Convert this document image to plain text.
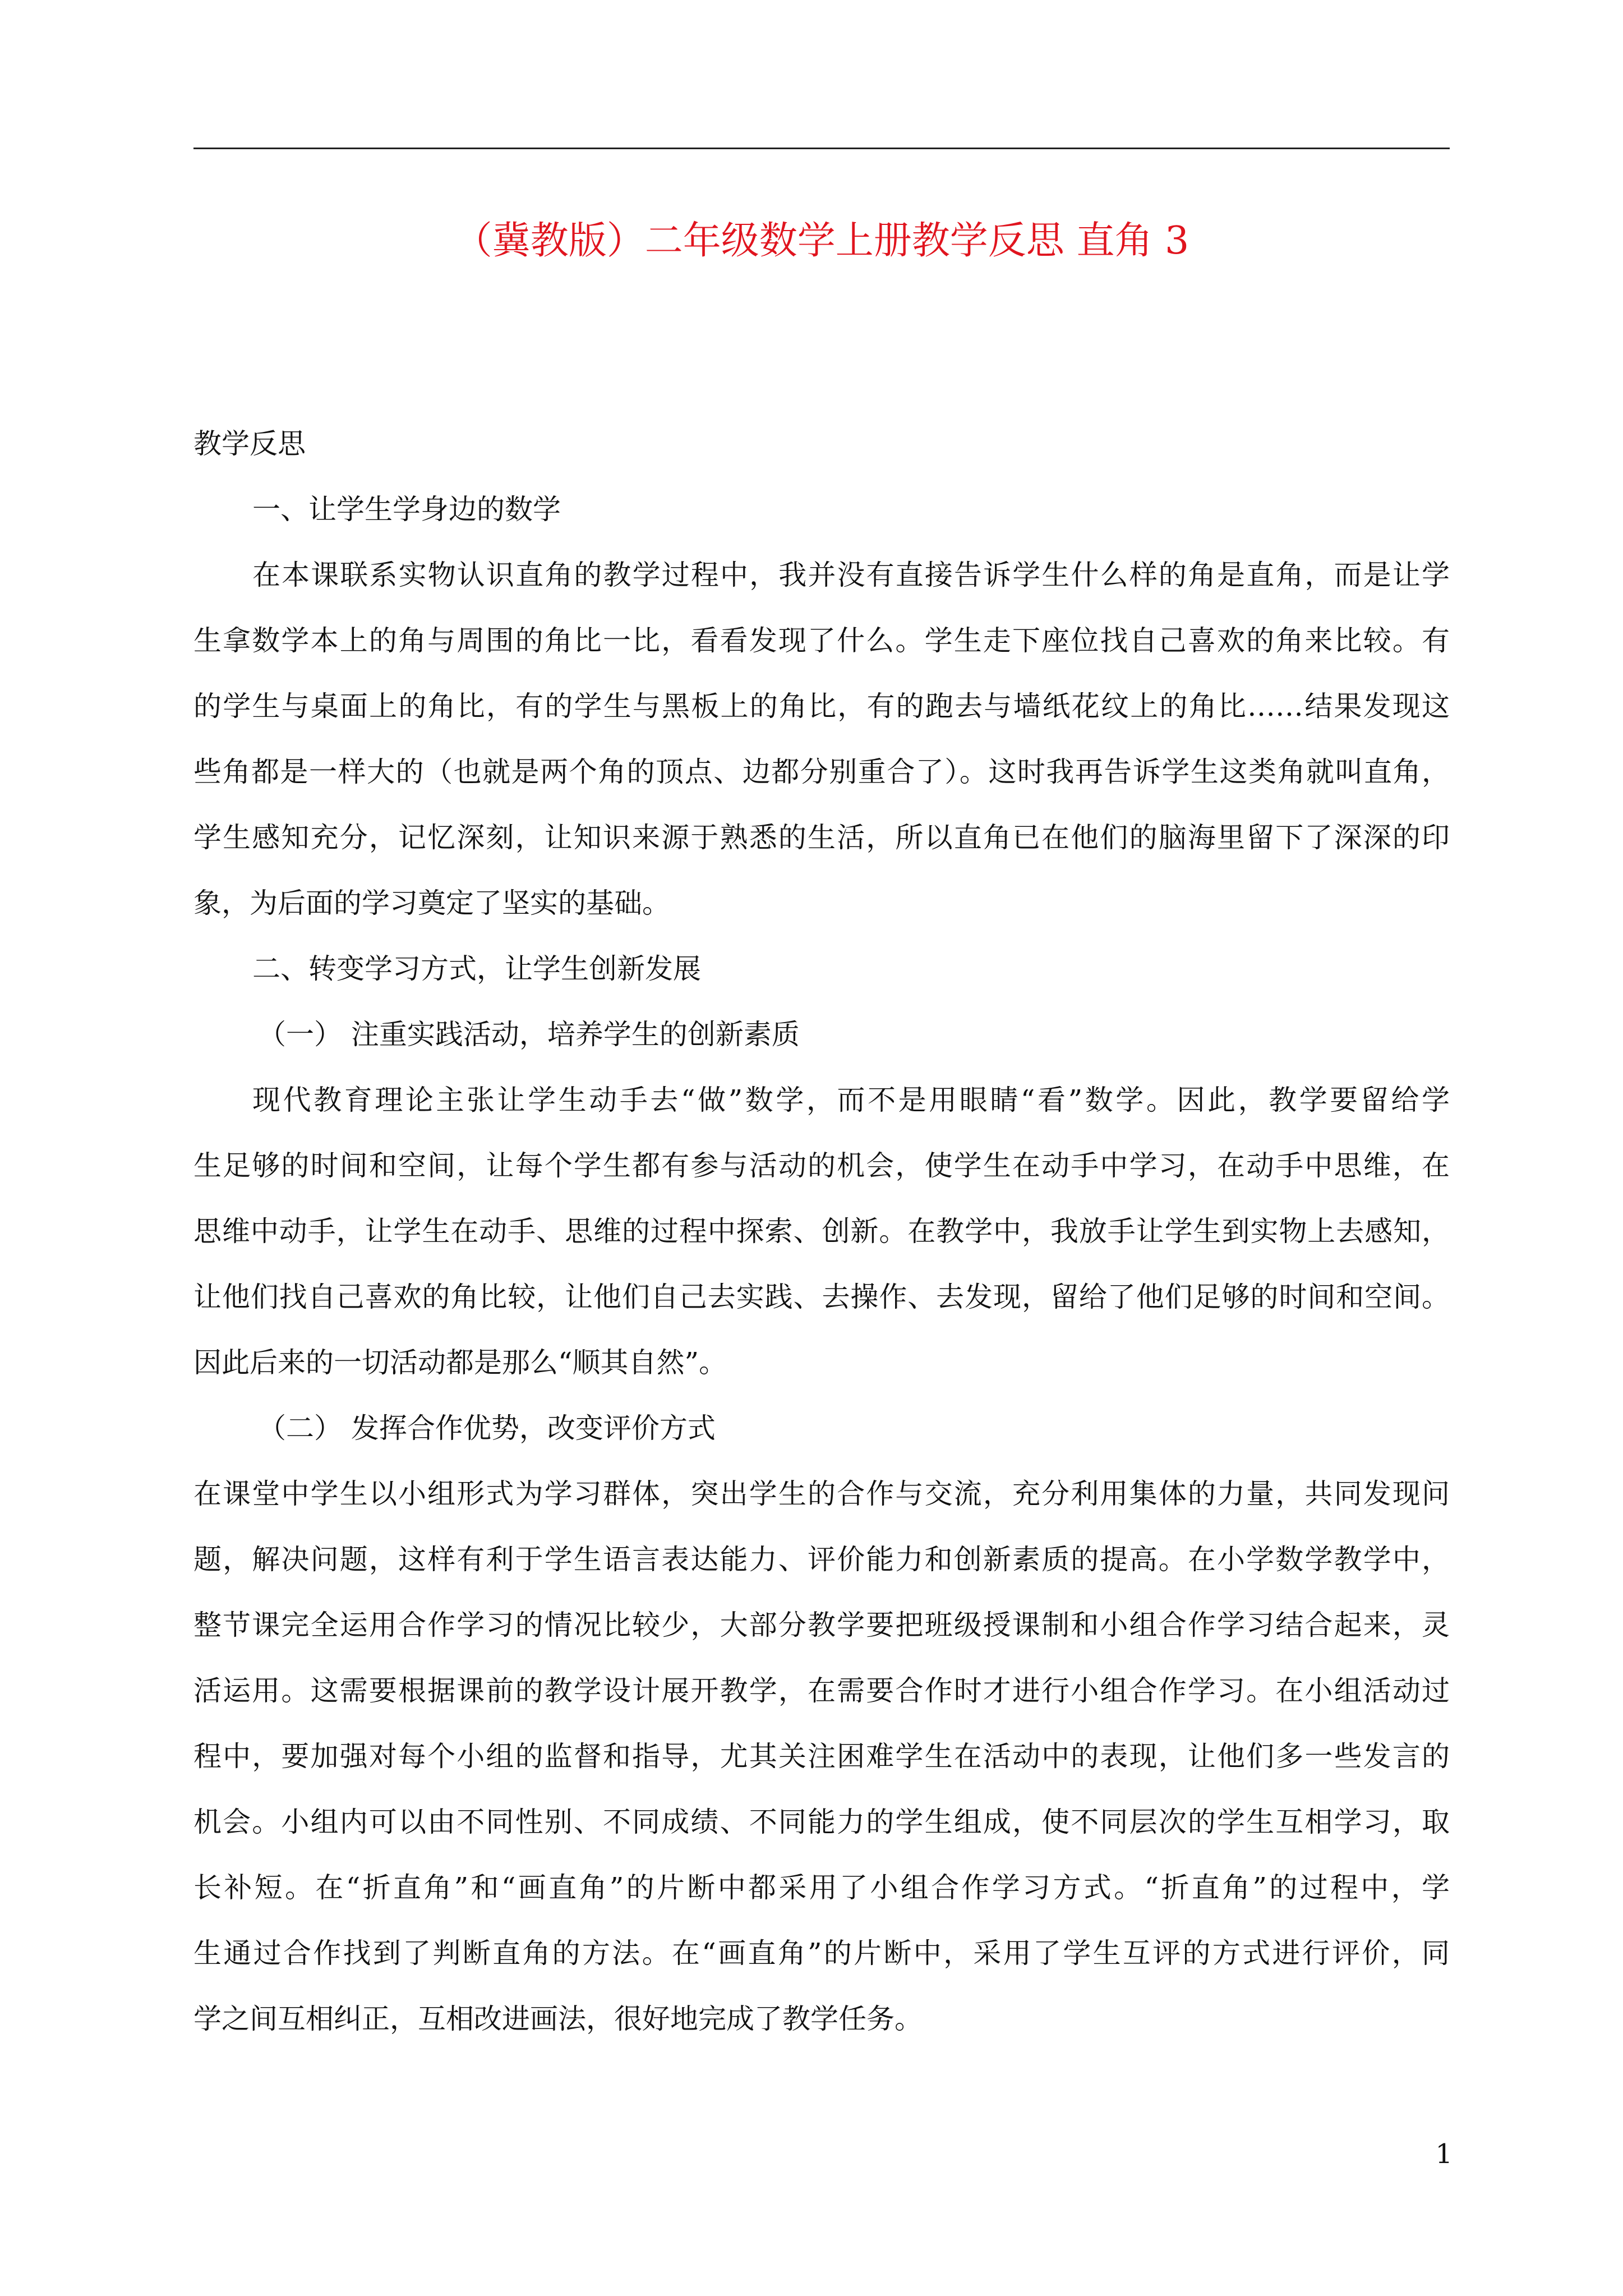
（冀教版）二年级数学上册教学反思 直角 3
教学反思
一、让学生学身边的数学
在本课联系实物认识直角的教学过程中，我并没有直接告诉学生什么样的角是直角，而是让学
生拿数学本上的角与周围的角比一比，看看发现了什么。学生走下座位找自己喜欢的角来比较。有
的学生与桌面上的角比，有的学生与黑板上的角比，有的跑去与墙纸花纹上的角比……结果发现这
些角都是一样大的（也就是两个角的顶点、边都分别重合了）。这时我再告诉学生这类角就叫直角，
学生感知充分，记忆深刻，让知识来源于熟悉的生活，所以直角已在他们的脑海里留下了深深的印
象，为后面的学习奠定了坚实的基础。
二、转变学习方式，让学生创新发展
（一） 注重实践活动，培养学生的创新素质
现代教育理论主张让学生动手去“做”数学，而不是用眼睛“看”数学。因此，教学要留给学
生足够的时间和空间，让每个学生都有参与活动的机会，使学生在动手中学习，在动手中思维，在
思维中动手，让学生在动手、思维的过程中探索、创新。在教学中，我放手让学生到实物上去感知，
让他们找自己喜欢的角比较，让他们自己去实践、去操作、去发现，留给了他们足够的时间和空间。
因此后来的一切活动都是那么“顺其自然”。
（二） 发挥合作优势，改变评价方式
在课堂中学生以小组形式为学习群体，突出学生的合作与交流，充分利用集体的力量，共同发现问
题，解决问题，这样有利于学生语言表达能力、评价能力和创新素质的提高。在小学数学教学中，
整节课完全运用合作学习的情况比较少，大部分教学要把班级授课制和小组合作学习结合起来，灵
活运用。这需要根据课前的教学设计展开教学，在需要合作时才进行小组合作学习。在小组活动过
程中，要加强对每个小组的监督和指导，尤其关注困难学生在活动中的表现，让他们多一些发言的
机会。小组内可以由不同性别、不同成绩、不同能力的学生组成，使不同层次的学生互相学习，取
长补短。在“折直角”和“画直角”的片断中都采用了小组合作学习方式。“折直角”的过程中，学
生通过合作找到了判断直角的方法。在“画直角”的片断中，采用了学生互评的方式进行评价，同
学之间互相纠正，互相改进画法，很好地完成了教学任务。
1
